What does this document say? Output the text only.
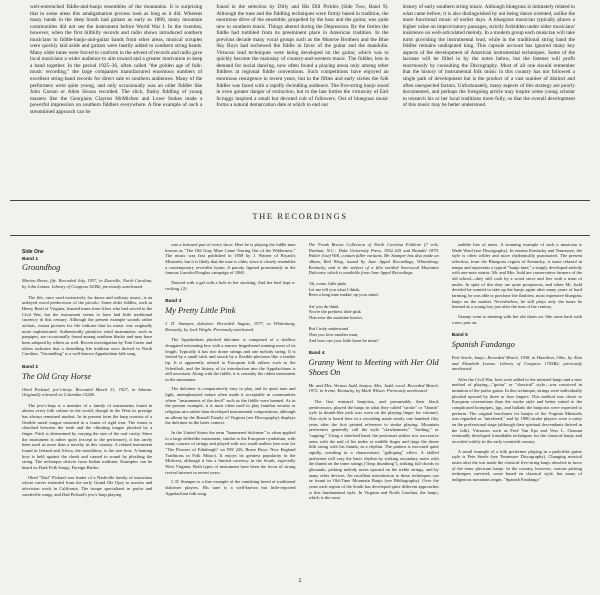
well-entrenched fiddle-and-banjo ensembles of the mountains. It is surprising that in some areas this amalgamation process took as long as it did. Whereas many bands in the deep South had guitars as early as 1880, many mountain communities did not see the instrument before World War I. In the twenties, however, when the first hillbilly records and radio shows introduced southern musicians to fiddle-banjo-and-guitar bands from other areas, musical scruples were quickly laid aside and guitars were hastily added to southern string bands. Many older tunes were forced to conform to the advent of records and radio gave local musicians a wider audience to aim toward and a greater motivation to keep a band together. In the period 1925–36, often called "the golden age of folk-music recording," the large companies manufactured enormous numbers of excellent string-band records for direct sale to southern audiences. Many of the performers were quite young, and only occasionally was an older fiddler like John Carson or Allen Sisson recorded. The slick, flashy fiddling of young masters like the Georgians Clayton McMichen and Lowe Stokes made a powerful impression on southern fiddlers everywhere. A fine example of such a streamlined approach can be
found in the selection by Dilly and His Dill Pickles (Side Two, Band 9). Although the tune and the fiddling techniques were firmly based in tradition, the enormous drive of the ensemble, propelled by the bass and the guitar, was quite new to southern music. Things altered during the Depression. By the forties the fiddle had tumbled from its preeminent place in American tradition. In the previous decade many vocal groups such as the Monroe Brothers and the Blue Sky Boys had eschewed the fiddle in favor of the guitar and the mandolin. Virtuoso lead techniques were being developed on the guitar, which was to quickly become the mainstay of country-and-western music. The fiddler, less in demand for social dancing, now often found a playing arena only among other fiddlers at regional fiddle conventions. Such competitions have enjoyed an enormous resurgence in recent years, but in the fifties and early sixties the folk fiddler was faced with a rapidly dwindling audience. The five-string banjo stood in even greater danger of extinction, but in the late forties the virtuosity of Earl Scruggs inspired a small but devoted cult of followers. Out of bluegrass music forms a natural demarcation date at which to end our
history of early southern string music. Although bluegrass is intimately related to what came before, it is also distinguished by not being dance oriented, unlike the more functional music of earlier days. A bluegrass musician typically places a higher value on improvisatory passages, strictly forbidden under older musicians' insistence on well-articulated melody. In a modern group each musician will take turns providing the instrumental lead, while in the traditional string band the fiddler remains undisputed king. This capsule account has ignored many key aspects of the development of American instrumental techniques. Some of the lacunae will be filled in by the notes below, but the listener will profit enormously by consulting the Discography. Most of all one should remember that the history of instrumental folk music in this country has not followed a single path of development but is the product of a vast number of distinct and often unexpected factors. Unfortunately, many aspects of this strategy are poorly documented, and perhaps the foregoing article may inspire some young scholar to research his or her local traditions more fully, so that the overall development of this music may be better understood.
THE RECORDINGS
Side One
Band 1
Groundhog
Marion Reese, fife. Recorded July, 1937, in Zionville, North Carolina, by John Lomax. Library of Congress 92/B2; previously unreleased.

The fife, once used extensively for dance and military music, is an unkeyed wood predecessor of the piccolo. Some older fiddles, such as Henry Reed of Virginia, learned tunes from fifers who had served in the Civil War, but the instrument seems to have had little traditional currency in this century. Although the present example sounds rather archaic, extant pictures for fife indicate that its music was originally more sophisticated. Authentically primitive wind instruments, such as panpipes, are occasionally found among southern blacks and may have been adopted by whites as well. Recent investigation by Tom Carter and others indicates that a dwindling fife tradition once thrived in North Carolina. "Groundhog" is a well-known Appalachian folk song.

Band 2
The Old Gray Horse
Obed Pickard, jew's-harp. Recorded March 31, 1927, in Atlanta. Originally released on Columbia 15246.

The jew's-harp is a member of a family of instruments found in almost every folk culture in the world, though in the West its prestige has always remained modest. In its present form the harp consists of a flexible metal tongue mounted in a frame of rigid iron. The frame is clenched between the teeth and the vibrating tongue plucked by a finger. Pitch is determined by varying the size of the oral cavity. Since the instrument is rather quiet (except to the performer), it has rarely been used as more than a novelty in this country. A related instrument found in Ireland and Africa, the mouthbow, is the true bow. A hunting bow is held against the cheek and caused to sound by plucking the string. The technique derives from Indian tradition. Examples can be heard on Dark Folk Songs, Foreign Brides.

Obed "Dad" Pickard was leader of a Nashville family of musicians whose career extended from the early Grand Ole Opry to movies and television work in California. The troupe specialized in parlor and vaudeville songs, and Dad Pickard's jew's-harp playing

was a featured part of every show. Here he is playing the fiddle tune known as "The Old Gray Mare Came Tearing Out of the Wilderness." The music was first published in 1858 by J. Warner of Bryant's Minstrels, but it is likely that the tune is older, since it closely resembles a contemporary revivalist hymn. A parody figured prominently in the famous Lincoln-Douglas campaign of 1860.

Danced with a gal with a hole in her stocking, And her heel kept a-rocking. (2)

Band 3
My Pretty Little Pink
I. D. Stamper, dulcimer. Recorded August, 1977, in Whitesburg, Kentucky, by Jack Wright. Previously unreleased.

The Appalachian plucked dulcimer is composed of a shallow elongated resonating box with a narrow fingerboard running most of its length. Typically it has two drone strings and one melody string. It is fretted by a small stick and struck by a flexible plectrum like a feather tip. It is apparently related to European folk zithers such as the Scheitholt, and the history of its introduction into the Appalachians is still uncertain. Along with the fiddle, it is certainly the oldest instrument in the mountains.

The dulcimer is comparatively easy to play, and its quiet tone and light, unemphasized nature often made it acceptable in communities where "instruments of the devil" such as the fiddle were banned. As in the present example, it is most often used to play familiar secular or religious airs rather than developed instrumental compositions, although an album by the Russell Family of Virginia (see Discography) displays the dulcimer in the latter context.

In the United States the term "hammered dulcimer" is often applied to a large zitherlike instrument, similar to the European cymbalum, with many courses of strings and played with two small mallets (see note for "The Flowers of Edinburgh" on NW 226, Brave Boys: New England Traditions in Folk Music). It enjoys its greatest popularity in the Midwest, although it has a limited currency in the South, especially West Virginia. Both types of instrument have been the focus of strong revival interest in recent years.

I. D. Stamper is a fine example of the vanishing breed of traditional dulcimer players. His tune is a well-known but little-reported Appalachian folk song.

The Frank Brown Collection of North Carolina Folklore (7 vols. Durham, N.C.: Duke University Press, 1952–64) and Brandel 1879, Walter Josef Will, contain fuller variants. Mr. Stamper has also made an album, Red Wing, issued by June Appal Recordings, Whitesburg, Kentucky, and is the subject of a film entitled Sourwood Mountain Dulcimer, which is available from June Appal Recordings.
Oh, come, little pink,
Let me tell you what I think,
Been a long time makin' up your mind.

An' you do think
You're the prettiest little pink
That ever the sunshine knows.

But I truly understand
That you love another man,
And how can your little heart be mine?
Band 4
Granny Went to Meeting with Her Old Shoes On
Mr. and Mrs. Vernon Judd, banjos; Mrs. Judd, vocal. Recorded March, 1972, in Irvine, Kentucky, by Mark Wilson. Previously unreleased.

The first minstrel banjoists, and presumably their black predecessors, played the banjo in what they called "stroke" or "thumb" style (a thumb-like pick was worn on the playing finger for volume). This style is heard here in a recording made nearly one hundred fifty years after the first printed reference to stroke playing. Mountain performers generally call the style "clawhammer," "frailing," or "rapping." Using a clenched hand, the performer strikes two successive notes with the nail of his index or middle finger and rings the drone fifth string with his thumb, in a rhythm. The pattern is executed quite rapidly, resulting in a characteristic "galloping" effect. A skilled performer will vary the basic rhythm by striking secondary notes with the thumb on the inner strings ("drop thumbing"), striking full chords in glissando, picking melody notes upward on the treble strings, and by many other devices. An excellent introduction to these techniques can be found in Old-Time Mountain Banjo (see Bibliography). Over the years each region of the South has developed quite different approaches to this fundamental style. In Virginia and North Carolina, the banjo, which is the most

audible line of notes. A stunning example of such a musician is Wade Ward (see Discography). In eastern Kentucky and Tennessee, the style is often wilder and more rhythmically punctuated. The present selection, from the Bluegrass region of Kentucky, is more relaxed in tempo and represents a typical "banjo tune," a simply developed melody with one-note strains. Mr. and Mrs. Judd are conservative farmers of the old school—they still cook by a wood stove and live with a team of mules. In spite of this they are quite prosperous, and when Mr. Judd decided he wanted to take up the banjo again after many years of hard farming, he was able to purchase the flashiest, most expensive bluegrass banjo on the market. Nevertheless, he still plays only the tunes he learned as a young boy just after the turn of the century.

Granny went to meeting with her old shoes on. She came back with a new pair on.

Band 5
Spanish Fandango
Pete Steele, banjo. Recorded March, 1938, in Hamilton, Ohio, by Alan and Elizabeth Lomax. Library of Congress 1705B2; previously unreleased.

After the Civil War, frets were added to the minstrel banjo and a new method of playing—"guitar" or "classical" style—was contrived in imitation of the parlor guitar. In this technique, strings were individually plucked upward by three or four fingers. This method was closer to European conventions than the stroke style and better suited to the complicated hornpipes, jigs, and ballads the banjoists were expected to perform. The original brochures for banjos of the Virginia Minstrels was regarded as "unrefined," and by 1880 stroke players were a rarity on the professional stage (although their spiritual descendants thrived in the folk). Virtuosos such as Fred Van Eps and Vess L. Ossman eventually developed formidable techniques for the classical banjo and recorded widely in the early twentieth century.

A small example of a folk performer playing in a parlorlike guitar style is Pete Steele (see Tennessee Discography). Changing musical tastes after the war made the classical five-string banjo obsolete in favor of the tenor plectrum banjo. In the country, however, various picking techniques survived, some based on classical style, but many of indigenous mountain origin. "Spanish Fandango"

2
